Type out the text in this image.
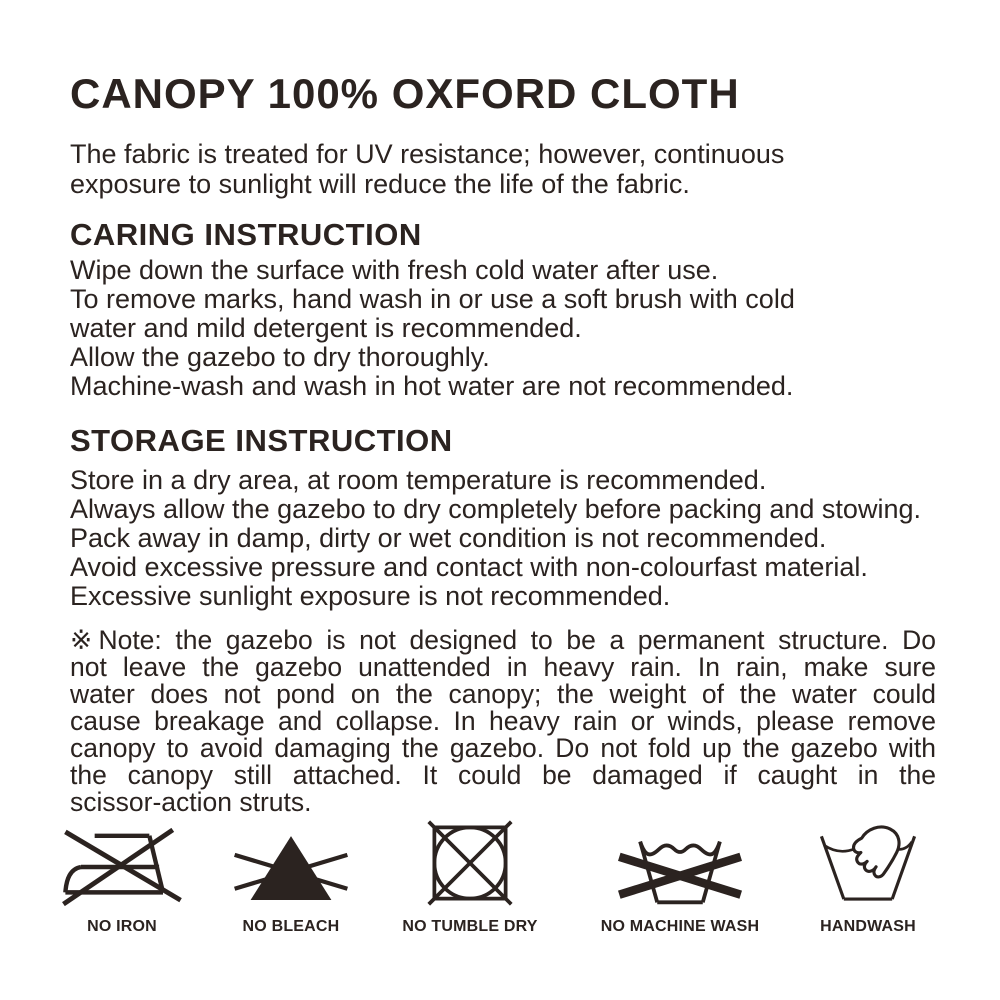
CANOPY 100% OXFORD CLOTH
The fabric is treated for UV resistance; however, continuous
exposure to sunlight will reduce the life of the fabric.
CARING INSTRUCTION
Wipe down the surface with fresh cold water after use.
To remove marks, hand wash in or use a soft brush with cold
water and mild detergent is recommended.
Allow the gazebo to dry thoroughly.
Machine-wash and wash in hot water are not recommended.
STORAGE INSTRUCTION
Store in a dry area, at room temperature is recommended.
Always allow the gazebo to dry completely before packing and stowing.
Pack away in damp, dirty or wet condition is not recommended.
Avoid excessive pressure and contact with non-colourfast material.
Excessive sunlight exposure is not recommended.
※Note: the gazebo is not designed to be a permanent structure. Do
not leave the gazebo unattended in heavy rain. In rain, make sure
water does not pond on the canopy; the weight of the water could
cause breakage and collapse. In heavy rain or winds, please remove
canopy to avoid damaging the gazebo. Do not fold up the gazebo with
the canopy still attached. It could be damaged if caught in the
scissor-action struts.
NO IRON	NO BLEACH	NO TUMBLE DRY	NO MACHINE WASH	HANDWASH
